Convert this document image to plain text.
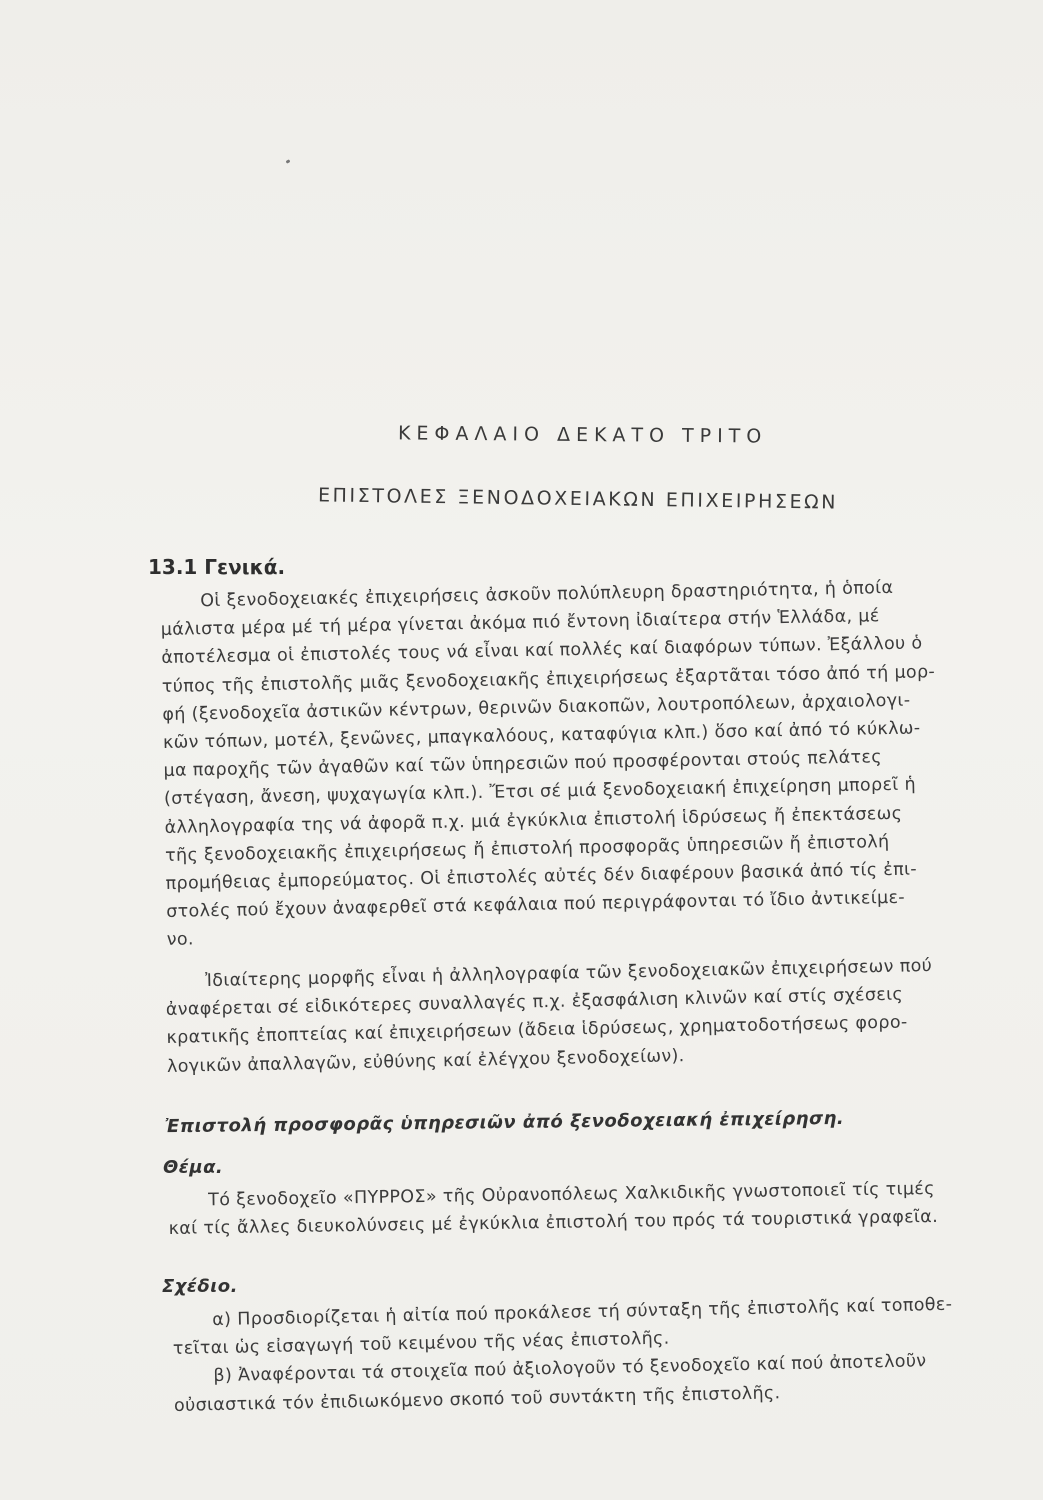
ΚΕΦΑΛΑΙΟ ΔΕΚΑΤΟ ΤΡΙΤΟ
ΕΠΙΣΤΟΛΕΣ ΞΕΝΟΔΟΧΕΙΑΚΩΝ ΕΠΙΧΕΙΡΗΣΕΩΝ
13.1 Γενικά.
Οἱ ξενοδοχειακές ἐπιχειρήσεις ἀσκοῦν πολύπλευρη δραστηριότητα, ἡ ὁποία
μάλιστα μέρα μέ τή μέρα γίνεται ἀκόμα πιό ἔντονη ἰδιαίτερα στήν Ἑλλάδα, μέ
ἀποτέλεσμα οἱ ἐπιστολές τους νά εἶναι καί πολλές καί διαφόρων τύπων. Ἐξάλλου ὁ
τύπος τῆς ἐπιστολῆς μιᾶς ξενοδοχειακῆς ἐπιχειρήσεως ἐξαρτᾶται τόσο ἀπό τή μορ-
φή (ξενοδοχεῖα ἀστικῶν κέντρων, θερινῶν διακοπῶν, λουτροπόλεων, ἀρχαιολογι-
κῶν τόπων, μοτέλ, ξενῶνες, μπαγκαλόους, καταφύγια κλπ.) ὅσο καί ἀπό τό κύκλω-
μα παροχῆς τῶν ἀγαθῶν καί τῶν ὑπηρεσιῶν πού προσφέρονται στούς πελάτες
(στέγαση, ἄνεση, ψυχαγωγία κλπ.). Ἔτσι σέ μιά ξενοδοχειακή ἐπιχείρηση μπορεῖ ἡ
ἀλληλογραφία της νά ἀφορᾶ π.χ. μιά ἐγκύκλια ἐπιστολή ἱδρύσεως ἤ ἐπεκτάσεως
τῆς ξενοδοχειακῆς ἐπιχειρήσεως ἤ ἐπιστολή προσφορᾶς ὑπηρεσιῶν ἤ ἐπιστολή
προμήθειας ἐμπορεύματος. Οἱ ἐπιστολές αὐτές δέν διαφέρουν βασικά ἀπό τίς ἐπι-
στολές πού ἔχουν ἀναφερθεῖ στά κεφάλαια πού περιγράφονται τό ἴδιο ἀντικείμε-
νο.
Ἰδιαίτερης μορφῆς εἶναι ἡ ἀλληλογραφία τῶν ξενοδοχειακῶν ἐπιχειρήσεων πού
ἀναφέρεται σέ εἰδικότερες συναλλαγές π.χ. ἐξασφάλιση κλινῶν καί στίς σχέσεις
κρατικῆς ἐποπτείας καί ἐπιχειρήσεων (ἄδεια ἱδρύσεως, χρηματοδοτήσεως φορο-
λογικῶν ἀπαλλαγῶν, εὐθύνης καί ἐλέγχου ξενοδοχείων).
Ἐπιστολή προσφορᾶς ὑπηρεσιῶν ἀπό ξενοδοχειακή ἐπιχείρηση.
Θέμα.
Τό ξενοδοχεῖο «ΠΥΡΡΟΣ» τῆς Οὐρανοπόλεως Χαλκιδικῆς γνωστοποιεῖ τίς τιμές
καί τίς ἄλλες διευκολύνσεις μέ ἐγκύκλια ἐπιστολή του πρός τά τουριστικά γραφεῖα.
Σχέδιο.
α) Προσδιορίζεται ἡ αἰτία πού προκάλεσε τή σύνταξη τῆς ἐπιστολῆς καί τοποθε-
τεῖται ὡς εἰσαγωγή τοῦ κειμένου τῆς νέας ἐπιστολῆς.
β) Ἀναφέρονται τά στοιχεῖα πού ἀξιολογοῦν τό ξενοδοχεῖο καί πού ἀποτελοῦν
οὐσιαστικά τόν ἐπιδιωκόμενο σκοπό τοῦ συντάκτη τῆς ἐπιστολῆς.
